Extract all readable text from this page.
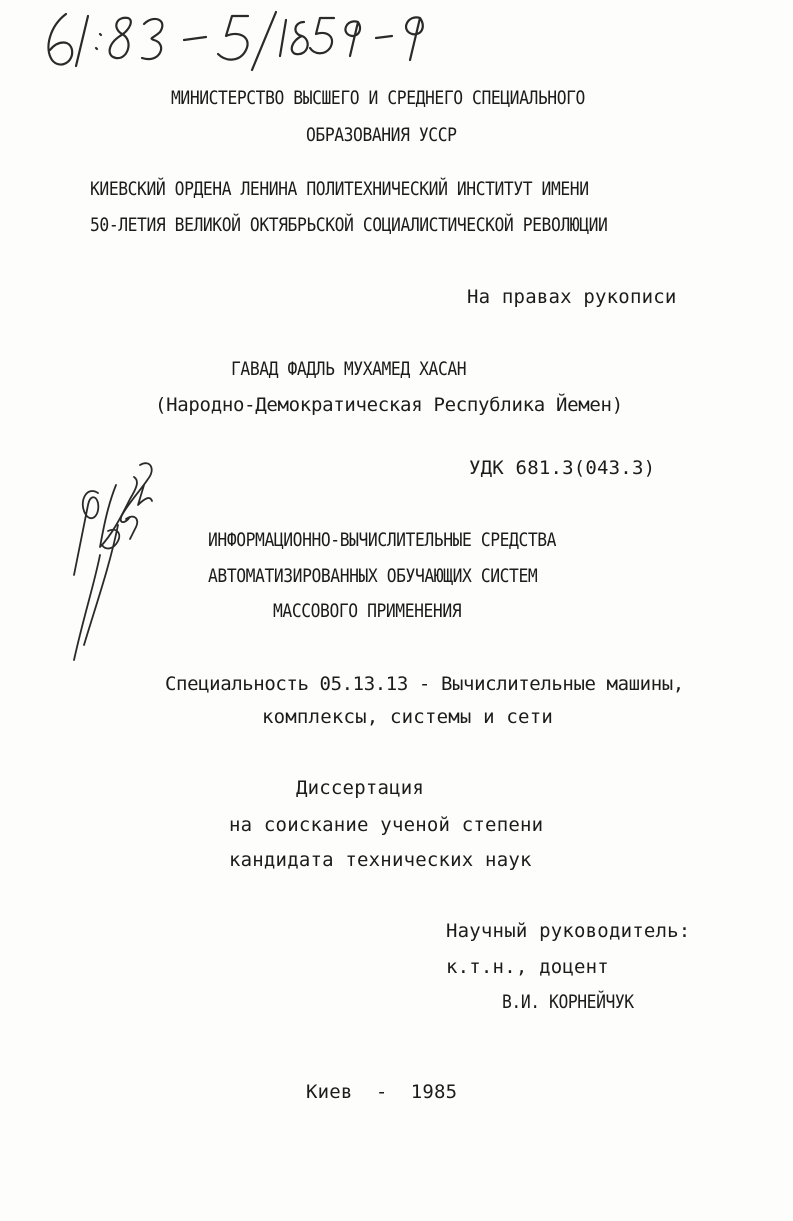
МИНИСТЕРСТВО ВЫСШЕГО И СРЕДНЕГО СПЕЦИАЛЬНОГО
ОБРАЗОВАНИЯ УССР
КИЕВСКИЙ ОРДЕНА ЛЕНИНА ПОЛИТЕХНИЧЕСКИЙ ИНСТИТУТ ИМЕНИ
50-ЛЕТИЯ ВЕЛИКОЙ ОКТЯБРЬСКОЙ СОЦИАЛИСТИЧЕСКОЙ РЕВОЛЮЦИИ
На правах рукописи
ГАВАД ФАДЛЬ МУХАМЕД ХАСАН
(Народно-Демократическая Республика Йемен)
УДК 681.3(043.3)
ИНФОРМАЦИОННО-ВЫЧИСЛИТЕЛЬНЫЕ СРЕДСТВА
АВТОМАТИЗИРОВАННЫХ ОБУЧАЮЩИХ СИСТЕМ
МАССОВОГО ПРИМЕНЕНИЯ
Специальность 05.13.13 - Вычислительные машины,
комплексы, системы и сети
Диссертация
на соискание ученой степени
кандидата технических наук
Научный руководитель:
к.т.н., доцент
В.И. КОРНЕЙЧУК
Киев  -  1985
